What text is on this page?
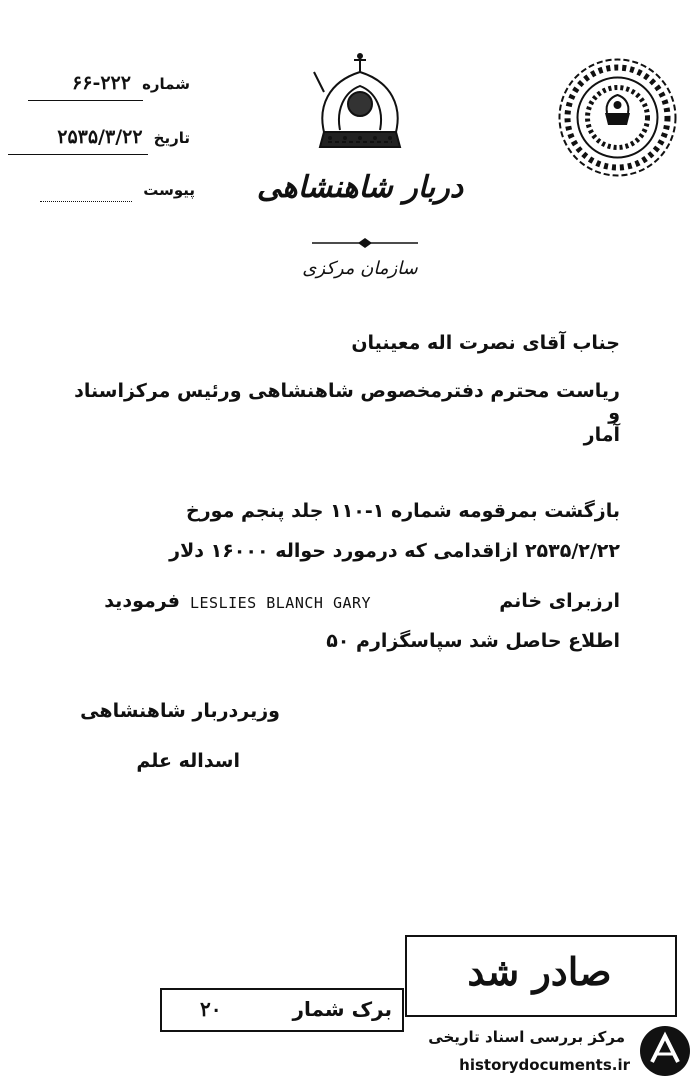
شماره ۲۲۲-۶۶
تاریخ ۲۵۳۵/۳/۲۲
پیوست دربار شاهنشاهی
سازمان مرکزی
جناب آقای نصرت اله معینیان
ریاست محترم دفترمخصوص شاهنشاهی ورئیس مرکزاسناد و
آمار
بازگشت بمرقومه شماره ۱-۱۱۰ جلد پنجم مورخ
۲۵۳۵/۲/۲۲ ازاقدامی که درمورد حواله ۱۶۰۰۰ دلار
ارزبرای خانم
LESLIES BLANCH GARY
فرمودید
اطلاع حاصل شد سپاسگزارم ۵۰
وزیردربار شاهنشاهی
اسداله علم
صادر شد
برک شمار
۲۰
مرکز بررسی اسناد تاریخی
historydocuments.ir
